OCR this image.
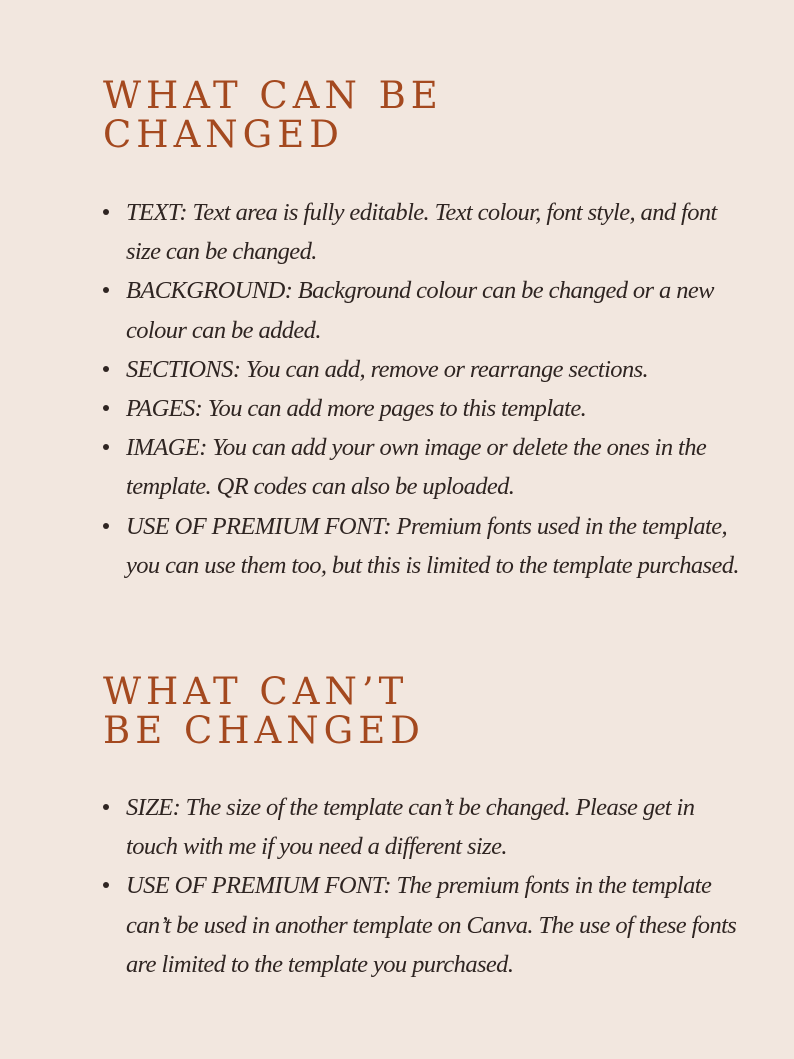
WHAT CAN BE
CHANGED
TEXT: Text area is fully editable. Text colour, font style, and font size can be changed.
BACKGROUND: Background colour can be changed or a new colour can be added.
SECTIONS: You can add, remove or rearrange sections.
PAGES: You can add more pages to this template.
IMAGE: You can add your own image or delete the ones in the template. QR codes can also be uploaded.
USE OF PREMIUM FONT: Premium fonts used in the template, you can use them too, but this is limited to the template purchased.
WHAT CAN’T
BE CHANGED
SIZE: The size of the template can’t be changed. Please get in touch with me if you need a different size.
USE OF PREMIUM FONT: The premium fonts in the template can’t be used in another template on Canva. The use of these fonts are limited to the template you purchased.
